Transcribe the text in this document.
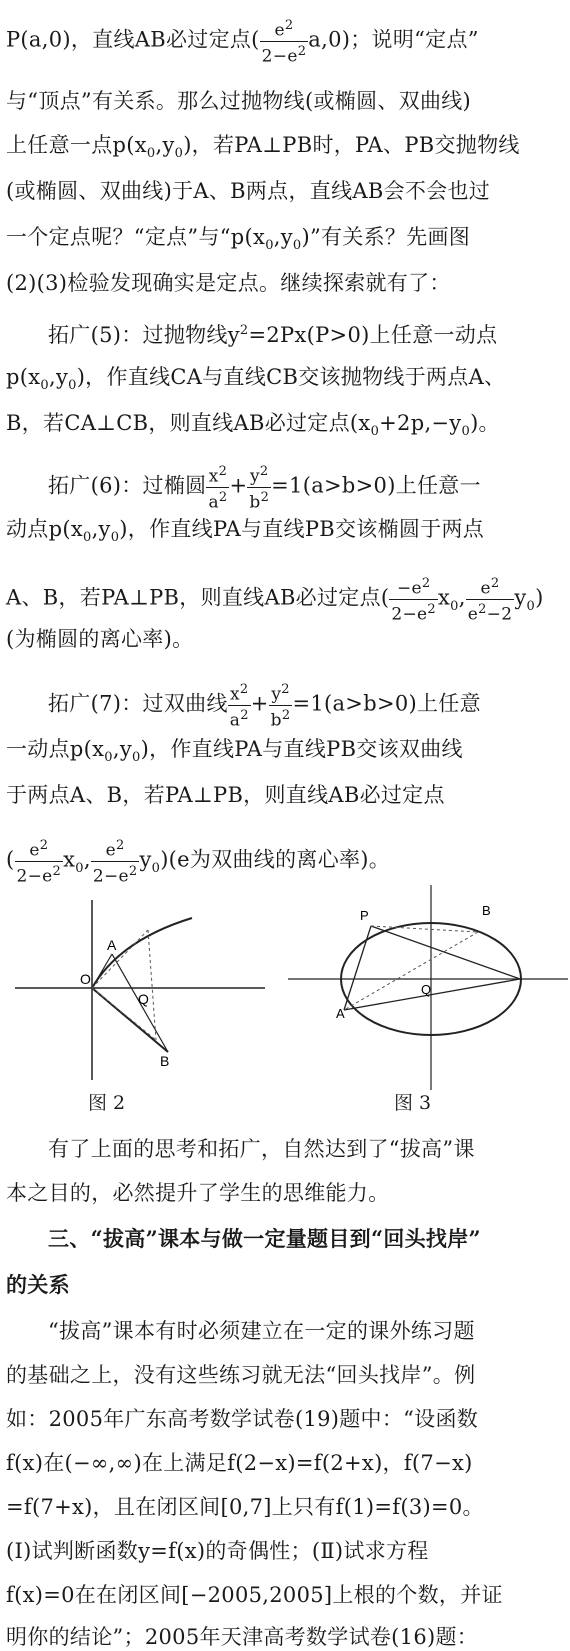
P(a,0)，直线AB必过定点( $\frac{e^2}{2-e^2} a,0$)；说明“定点”
与“顶点”有关系。那么过抛物线(或椭圆、双曲线)
上任意一点$p(x_0,y_0)$，若PA⊥PB时，PA、PB交抛物线
(或椭圆、双曲线)于A、B两点，直线AB会不会也过
一个定点呢？“定点”与“$p(x_0,y_0)$”有关系？先画图
(2)(3)检验发现确实是定点。继续探索就有了：
拓广(5)：过抛物线$y^2=2Px(P>0)$上任意一动点
$p(x_0,y_0)$，作直线CA与直线CB交该抛物线于两点A、
B，若CA⊥CB，则直线AB必过定点$(x_0+2p,-y_0)$。
拓广(6)：过椭圆 $\frac{x^2}{a^2} + \frac{y^2}{b^2} =1(a>b>0)$上任意一
动点$p(x_0,y_0)$，作直线PA与直线PB交该椭圆于两点
A、B，若PA⊥PB，则直线AB必过定点( $\frac{-e^2}{2-e^2} x_0$, $\frac{e^2}{e^2-2} y_0$)
(为椭圆的离心率)。
拓广(7)：过双曲线 $\frac{x^2}{a^2} + \frac{y^2}{b^2} =1(a>b>0)$上任意
一动点$p(x_0,y_0)$，作直线PA与直线PB交该双曲线
于两点A、B，若PA⊥PB，则直线AB必过定点
( $\frac{e^2}{2-e^2} x_0$, $\frac{e^2}{2-e^2} y_0)(e$为双曲线的离心率)。
A
O
Q
B
图 2
P	B
Q
A
图 3
有了上面的思考和拓广，自然达到了“拔高”课
本之目的，必然提升了学生的思维能力。
三、“拔高”课本与做一定量题目到“回头找岸”
的关系
“拔高”课本有时必须建立在一定的课外练习题
的基础之上，没有这些练习就无法“回头找岸”。例
如：2005年广东高考数学试卷(19)题中：“设函数
f(x)在(−∞,∞)在上满足f(2−x)=f(2+x)，f(7−x)
=f(7+x)，且在闭区间[0,7]上只有f(1)=f(3)=0。
(Ⅰ)试判断函数y=f(x)的奇偶性；(Ⅱ)试求方程
f(x)=0在在闭区间[−2005,2005]上根的个数，并证
明你的结论”；2005年天津高考数学试卷(16)题：
